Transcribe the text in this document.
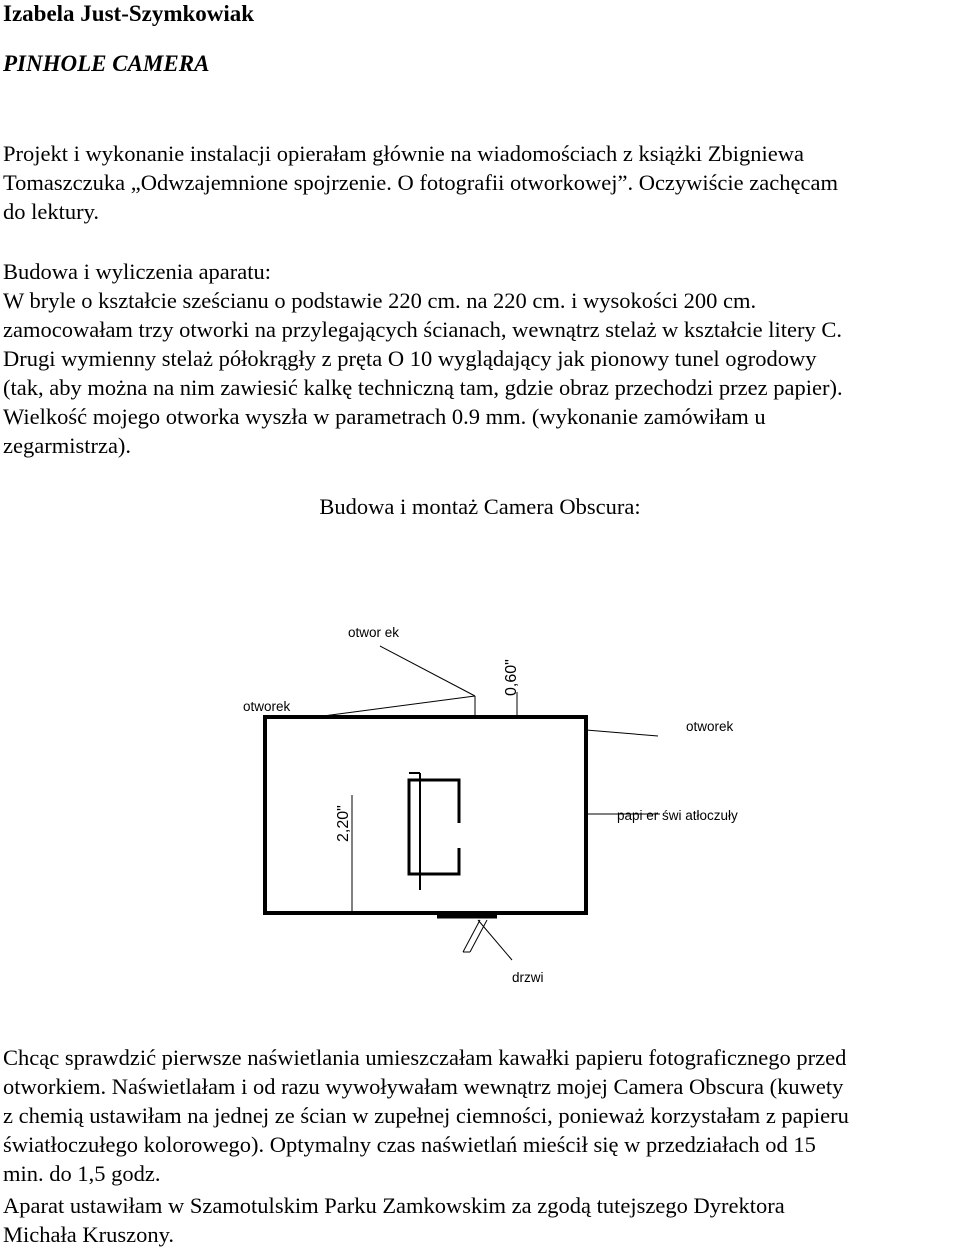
Izabela Just-Szymkowiak
PINHOLE CAMERA

Projekt i wykonanie instalacji opierałam głównie na wiadomościach z książki Zbigniewa
Tomaszczuka „Odwzajemnione spojrzenie. O fotografii otworkowej”. Oczywiście zachęcam
do lektury.

Budowa i wyliczenia aparatu:
W bryle o kształcie sześcianu o podstawie 220 cm. na 220 cm. i wysokości 200 cm.
zamocowałam trzy otworki na przylegających ścianach, wewnątrz stelaż w kształcie litery C.
Drugi wymienny stelaż półokrągły z pręta O 10 wyglądający jak pionowy tunel ogrodowy
(tak, aby można na nim zawiesić kalkę techniczną tam, gdzie obraz przechodzi przez papier).
Wielkość mojego otworka wyszła w parametrach 0.9 mm. (wykonanie zamówiłam u
zegarmistrza).

Budowa i montaż Camera Obscura:

otwor ek
otworek
otworek
papi er świ atłoczuły
drzwi
0,60"
2,20"

Chcąc sprawdzić pierwsze naświetlania umieszczałam kawałki papieru fotograficznego przed
otworkiem. Naświetlałam i od razu wywoływałam wewnątrz mojej Camera Obscura (kuwety
z chemią ustawiłam na jednej ze ścian w zupełnej ciemności, ponieważ korzystałam z papieru
światłoczułego kolorowego). Optymalny czas naświetlań mieścił się w przedziałach od 15
min. do 1,5 godz.

Aparat ustawiłam w Szamotulskim Parku Zamkowskim za zgodą tutejszego Dyrektora
Michała Kruszony.
